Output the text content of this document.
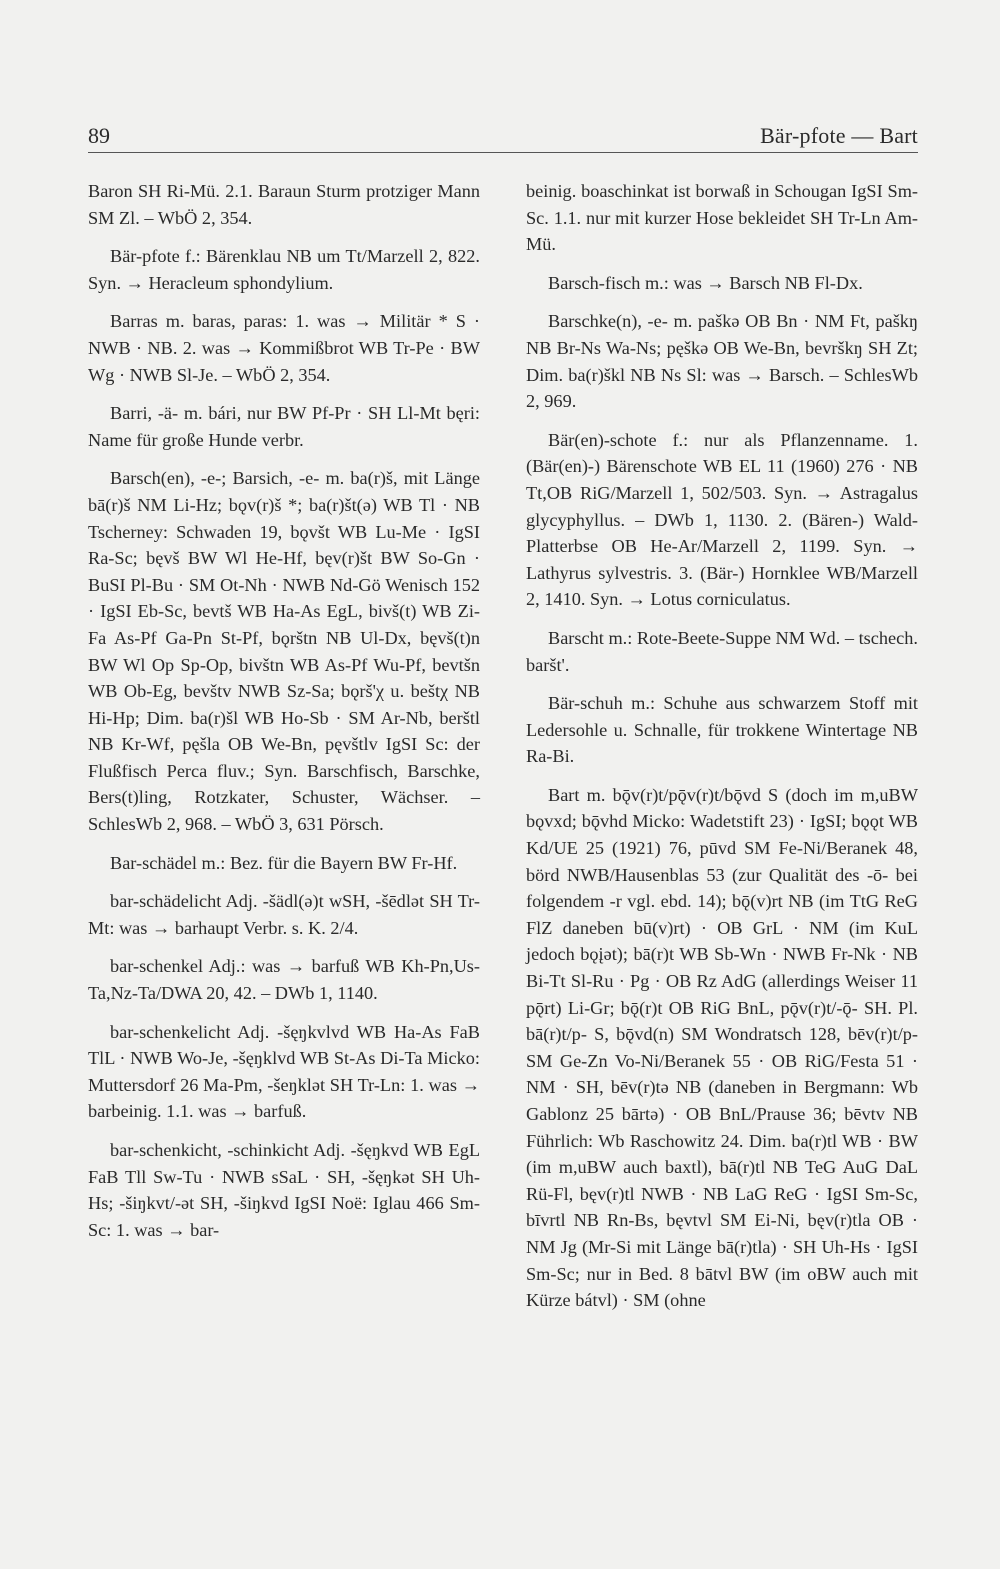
89	Bär-pfote — Bart

Baron SH Ri-Mü. 2.1. Baraun Sturm protziger Mann SM Zl. – WbÖ 2, 354.

Bär-pfote f.: Bärenklau NB um Tt/Marzell 2, 822. Syn. → Heracleum sphondylium.

Barras m. baras, paras: 1. was → Militär * S · NWB · NB. 2. was → Kommißbrot WB Tr-Pe · BW Wg · NWB Sl-Je. – WbÖ 2, 354.

Barri, -ä- m. bári, nur BW Pf-Pr · SH Ll-Mt bęri: Name für große Hunde verbr.

Barsch(en), -e-; Barsich, -e- m. ba(r)š, mit Länge bā(r)š NM Li-Hz; bǫv(r)š *; ba(r)št(ə) WB Tl · NB Tscherney: Schwaden 19, bǫvšt WB Lu-Me · IgSI Ra-Sc; bęvš BW Wl He-Hf, bęv(r)št BW So-Gn · BuSI Pl-Bu · SM Ot-Nh · NWB Nd-Gö Wenisch 152 · IgSI Eb-Sc, bevtš WB Ha-As EgL, bivš(t) WB Zi-Fa As-Pf Ga-Pn St-Pf, bǫrštn NB Ul-Dx, bęvš(t)n BW Wl Op Sp-Op, bivštn WB As-Pf Wu-Pf, bevtšn WB Ob-Eg, bevštv NWB Sz-Sa; bǫrš'χ u. beštχ NB Hi-Hp; Dim. ba(r)šl WB Ho-Sb · SM Ar-Nb, berštl NB Kr-Wf, pęšla OB We-Bn, pęvštlv IgSI Sc: der Flußfisch Perca fluv.; Syn. Barschfisch, Barschke, Bers(t)ling, Rotzkater, Schuster, Wächser. – SchlesWb 2, 968. – WbÖ 3, 631 Pörsch.

Bar-schädel m.: Bez. für die Bayern BW Fr-Hf.

bar-schädelicht Adj. -šädl(ə)t wSH, -šēdlət SH Tr-Mt: was → barhaupt Verbr. s. K. 2/4.

bar-schenkel Adj.: was → barfuß WB Kh-Pn,Us-Ta,Nz-Ta/DWA 20, 42. – DWb 1, 1140.

bar-schenkelicht Adj. -šęŋkvlvd WB Ha-As FaB TlL · NWB Wo-Je, -šęŋklvd WB St-As Di-Ta Micko: Muttersdorf 26 Ma-Pm, -šeŋklət SH Tr-Ln: 1. was → barbeinig. 1.1. was → barfuß.

bar-schenkicht, -schinkicht Adj. -šęŋkvd WB EgL FaB Tll Sw-Tu · NWB sSaL · SH, -šęŋkət SH Uh-Hs; -šiŋkvt/-ət SH, -šiŋkvd IgSI Noë: Iglau 466 Sm-Sc: 1. was → bar-

beinig. boaschinkat ist borwaß in Schougan IgSI Sm-Sc. 1.1. nur mit kurzer Hose bekleidet SH Tr-Ln Am-Mü.

Barsch-fisch m.: was → Barsch NB Fl-Dx.

Barschke(n), -e- m. paškə OB Bn · NM Ft, paškŋ NB Br-Ns Wa-Ns; pęškə OB We-Bn, bevrškŋ SH Zt; Dim. ba(r)škl NB Ns Sl: was → Barsch. – SchlesWb 2, 969.

Bär(en)-schote f.: nur als Pflanzenname. 1. (Bär(en)-) Bärenschote WB EL 11 (1960) 276 · NB Tt,OB RiG/Marzell 1, 502/503. Syn. → Astragalus glycyphyllus. – DWb 1, 1130. 2. (Bären-) Wald-Platterbse OB He-Ar/Marzell 2, 1199. Syn. → Lathyrus sylvestris. 3. (Bär-) Hornklee WB/Marzell 2, 1410. Syn. → Lotus corniculatus.

Barscht m.: Rote-Beete-Suppe NM Wd. – tschech. baršt'.

Bär-schuh m.: Schuhe aus schwarzem Stoff mit Ledersohle u. Schnalle, für trokkene Wintertage NB Ra-Bi.

Bart m. bǭv(r)t/pǭv(r)t/bǭvd S (doch im m,uBW bǫvxd; bǭvhd Micko: Wadetstift 23) · IgSI; bǫǫt WB Kd/UE 25 (1921) 76, pūvd SM Fe-Ni/Beranek 48, börd NWB/Hausenblas 53 (zur Qualität des -ō- bei folgendem -r vgl. ebd. 14); bǭ(v)rt NB (im TtG ReG FlZ daneben bū(v)rt) · OB GrL · NM (im KuL jedoch bǫįət); bā(r)t WB Sb-Wn · NWB Fr-Nk · NB Bi-Tt Sl-Ru · Pg · OB Rz AdG (allerdings Weiser 11 pǭrt) Li-Gr; bǭ(r)t OB RiG BnL, pǭv(r)t/-ǭ- SH. Pl. bā(r)t/p- S, bǭvd(n) SM Wondratsch 128, bēv(r)t/p- SM Ge-Zn Vo-Ni/Beranek 55 · OB RiG/Festa 51 · NM · SH, bēv(r)tə NB (daneben in Bergmann: Wb Gablonz 25 bārtə) · OB BnL/Prause 36; bēvtv NB Führlich: Wb Raschowitz 24. Dim. ba(r)tl WB · BW (im m,uBW auch baxtl), bā(r)tl NB TeG AuG DaL Rü-Fl, bęv(r)tl NWB · NB LaG ReG · IgSI Sm-Sc, bīvrtl NB Rn-Bs, bęvtvl SM Ei-Ni, bęv(r)tla OB · NM Jg (Mr-Si mit Länge bā(r)tla) · SH Uh-Hs · IgSI Sm-Sc; nur in Bed. 8 bātvl BW (im oBW auch mit Kürze bátvl) · SM (ohne
